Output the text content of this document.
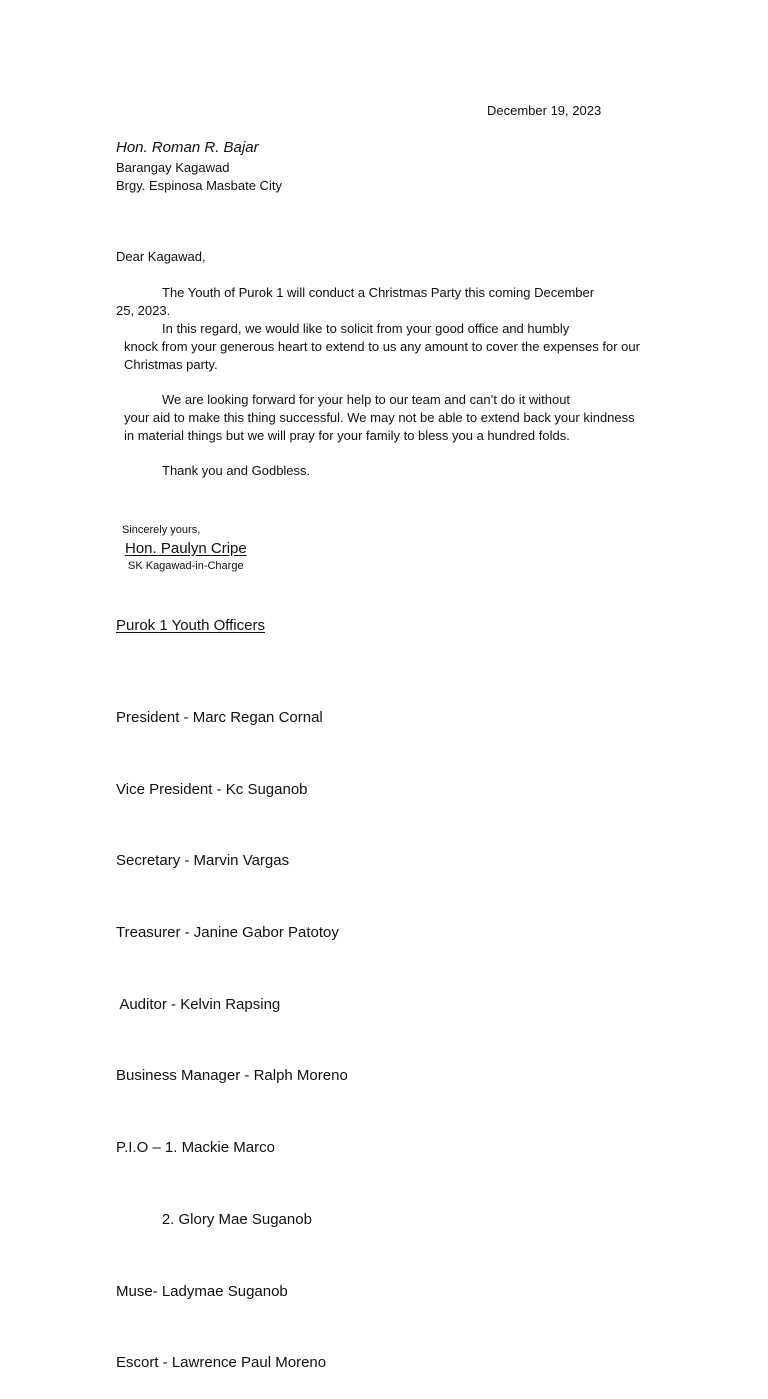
December 19, 2023
Hon. Roman R. Bajar
Barangay Kagawad
Brgy. Espinosa Masbate City
Dear Kagawad,
The Youth of Purok 1 will conduct a Christmas Party this coming December
25, 2023.
In this regard, we would like to solicit from your good office and humbly
knock from your generous heart to extend to us any amount to cover the expenses for our Christmas party.
We are looking forward for your help to our team and can’t do it without
your aid to make this thing successful. We may not be able to extend back your kindness in material things but we will pray for your family to bless you a hundred folds.
Thank you and Godbless.
Sincerely yours,
Hon. Paulyn Cripe
SK Kagawad-in-Charge
Purok 1 Youth Officers

President - Marc Regan Cornal

Vice President - Kc Suganob

Secretary - Marvin Vargas

Treasurer - Janine Gabor Patotoy

Auditor - Kelvin Rapsing

Business Manager - Ralph Moreno

P.I.O – 1. Mackie Marco

2. Glory Mae Suganob

Muse- Ladymae Suganob

Escort - Lawrence Paul Moreno
